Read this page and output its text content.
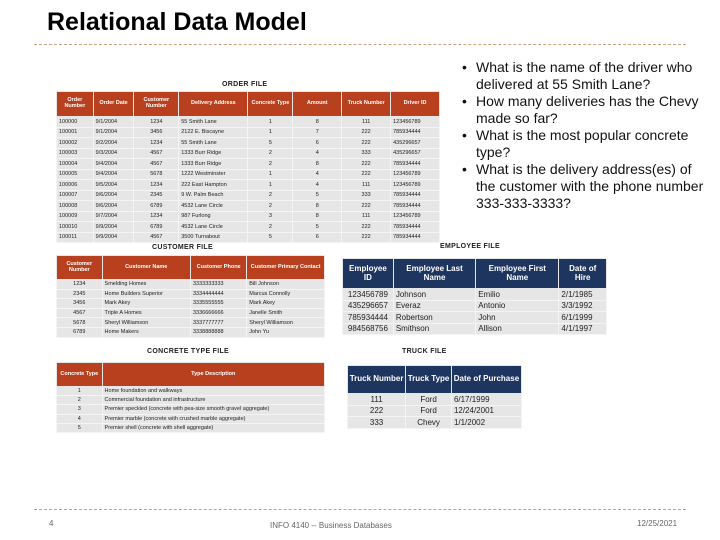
Relational Data Model
ORDER FILE
Order Number	Order Date	Customer Number	Delivery Address	Concrete Type	Amount	Truck Number	Driver ID
100000	9/1/2004	1234	55 Smith Lane	1	8	111	123456789
100001	9/1/2004	3456	2122 E. Biscayne	1	7	222	785934444
100002	9/2/2004	1234	55 Smith Lane	5	6	222	435296657
100003	9/3/2004	4567	1333 Burr Ridge	2	4	333	435296657
100004	9/4/2004	4567	1333 Burr Ridge	2	8	222	785934444
100005	9/4/2004	5678	1222 Westminster	1	4	222	123456789
100006	9/5/2004	1234	222 East Hampton	1	4	111	123456789
100007	9/6/2004	2345	9 W. Palm Beach	2	5	333	785934444
100008	9/6/2004	6789	4532 Lane Circle	2	8	222	785934444
100009	9/7/2004	1234	987 Furlong	3	8	111	123456789
100010	9/9/2004	6789	4532 Lane Circle	2	5	222	785934444
100011	9/9/2004	4567	3500 Turnabout	5	6	222	785934444
CUSTOMER FILE
Customer Number	Customer Name	Customer Phone	Customer Primary Contact
1234	Smelding Homes	3333333333	Bill Johnson
2345	Home Builders Superior	3334444444	Marcus Connolly
3456	Mark Akey	3335555555	Mark Akey
4567	Triple A Homes	3336666666	Janelle Smith
5678	Sheryl Williamson	3337777777	Sheryl Williamson
6789	Home Makers	3338888888	John Yu
CONCRETE TYPE FILE
Concrete Type	Type Description
1	Home foundation and walkways
2	Commercial foundation and infrastructure
3	Premier speckled (concrete with pea-size smooth gravel aggregate)
4	Premier marble (concrete with crushed marble aggregate)
5	Premier shell (concrete with shell aggregate)
EMPLOYEE FILE
Employee ID	Employee Last Name	Employee First Name	Date of Hire
123456789	Johnson	Emilio	2/1/1985
435296657	Everaz	Antonio	3/3/1992
785934444	Robertson	John	6/1/1999
984568756	Smithson	Allison	4/1/1997
TRUCK FILE
Truck Number	Truck Type	Date of Purchase
111	Ford	6/17/1999
222	Ford	12/24/2001
333	Chevy	1/1/2002
• What is the name of the driver who delivered at 55 Smith Lane?
• How many deliveries has the Chevy made so far?
• What is the most popular concrete type?
• What is the delivery address(es) of the customer with the phone number 333-333-3333?
4	INFO 4140 -- Business Databases	12/25/2021
